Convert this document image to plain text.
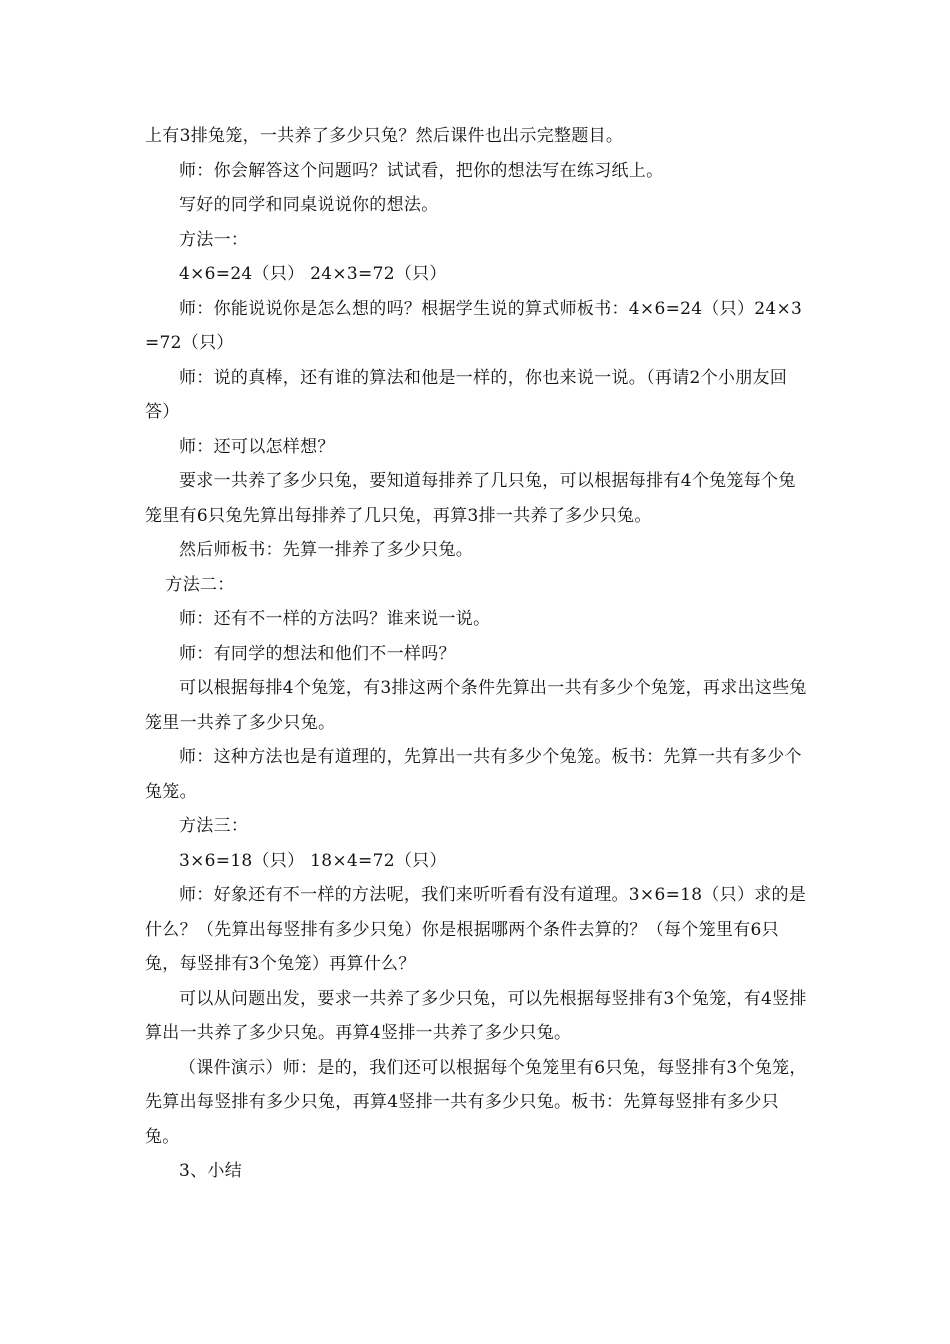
上有3排兔笼，一共养了多少只兔？然后课件也出示完整题目。

师：你会解答这个问题吗？试试看，把你的想法写在练习纸上。

写好的同学和同桌说说你的想法。

方法一：

4×6=24（只） 24×3=72（只）

师：你能说说你是怎么想的吗？根据学生说的算式师板书：4×6=24（只）24×3=72（只）

师：说的真棒，还有谁的算法和他是一样的，你也来说一说。（再请2个小朋友回答）

师：还可以怎样想？

要求一共养了多少只兔，要知道每排养了几只兔，可以根据每排有4个兔笼每个兔笼里有6只兔先算出每排养了几只兔，再算3排一共养了多少只兔。

然后师板书：先算一排养了多少只兔。

方法二：

师：还有不一样的方法吗？谁来说一说。

师：有同学的想法和他们不一样吗？

可以根据每排4个兔笼，有3排这两个条件先算出一共有多少个兔笼，再求出这些兔笼里一共养了多少只兔。

师：这种方法也是有道理的，先算出一共有多少个兔笼。板书：先算一共有多少个兔笼。

方法三：

3×6=18（只） 18×4=72（只）

师：好象还有不一样的方法呢，我们来听听看有没有道理。3×6=18（只）求的是什么？（先算出每竖排有多少只兔）你是根据哪两个条件去算的？（每个笼里有6只兔，每竖排有3个兔笼）再算什么？

可以从问题出发，要求一共养了多少只兔，可以先根据每竖排有3个兔笼，有4竖排算出一共养了多少只兔。再算4竖排一共养了多少只兔。

（课件演示）师：是的，我们还可以根据每个兔笼里有6只兔，每竖排有3个兔笼，先算出每竖排有多少只兔，再算4竖排一共有多少只兔。板书：先算每竖排有多少只兔。

3、小结
